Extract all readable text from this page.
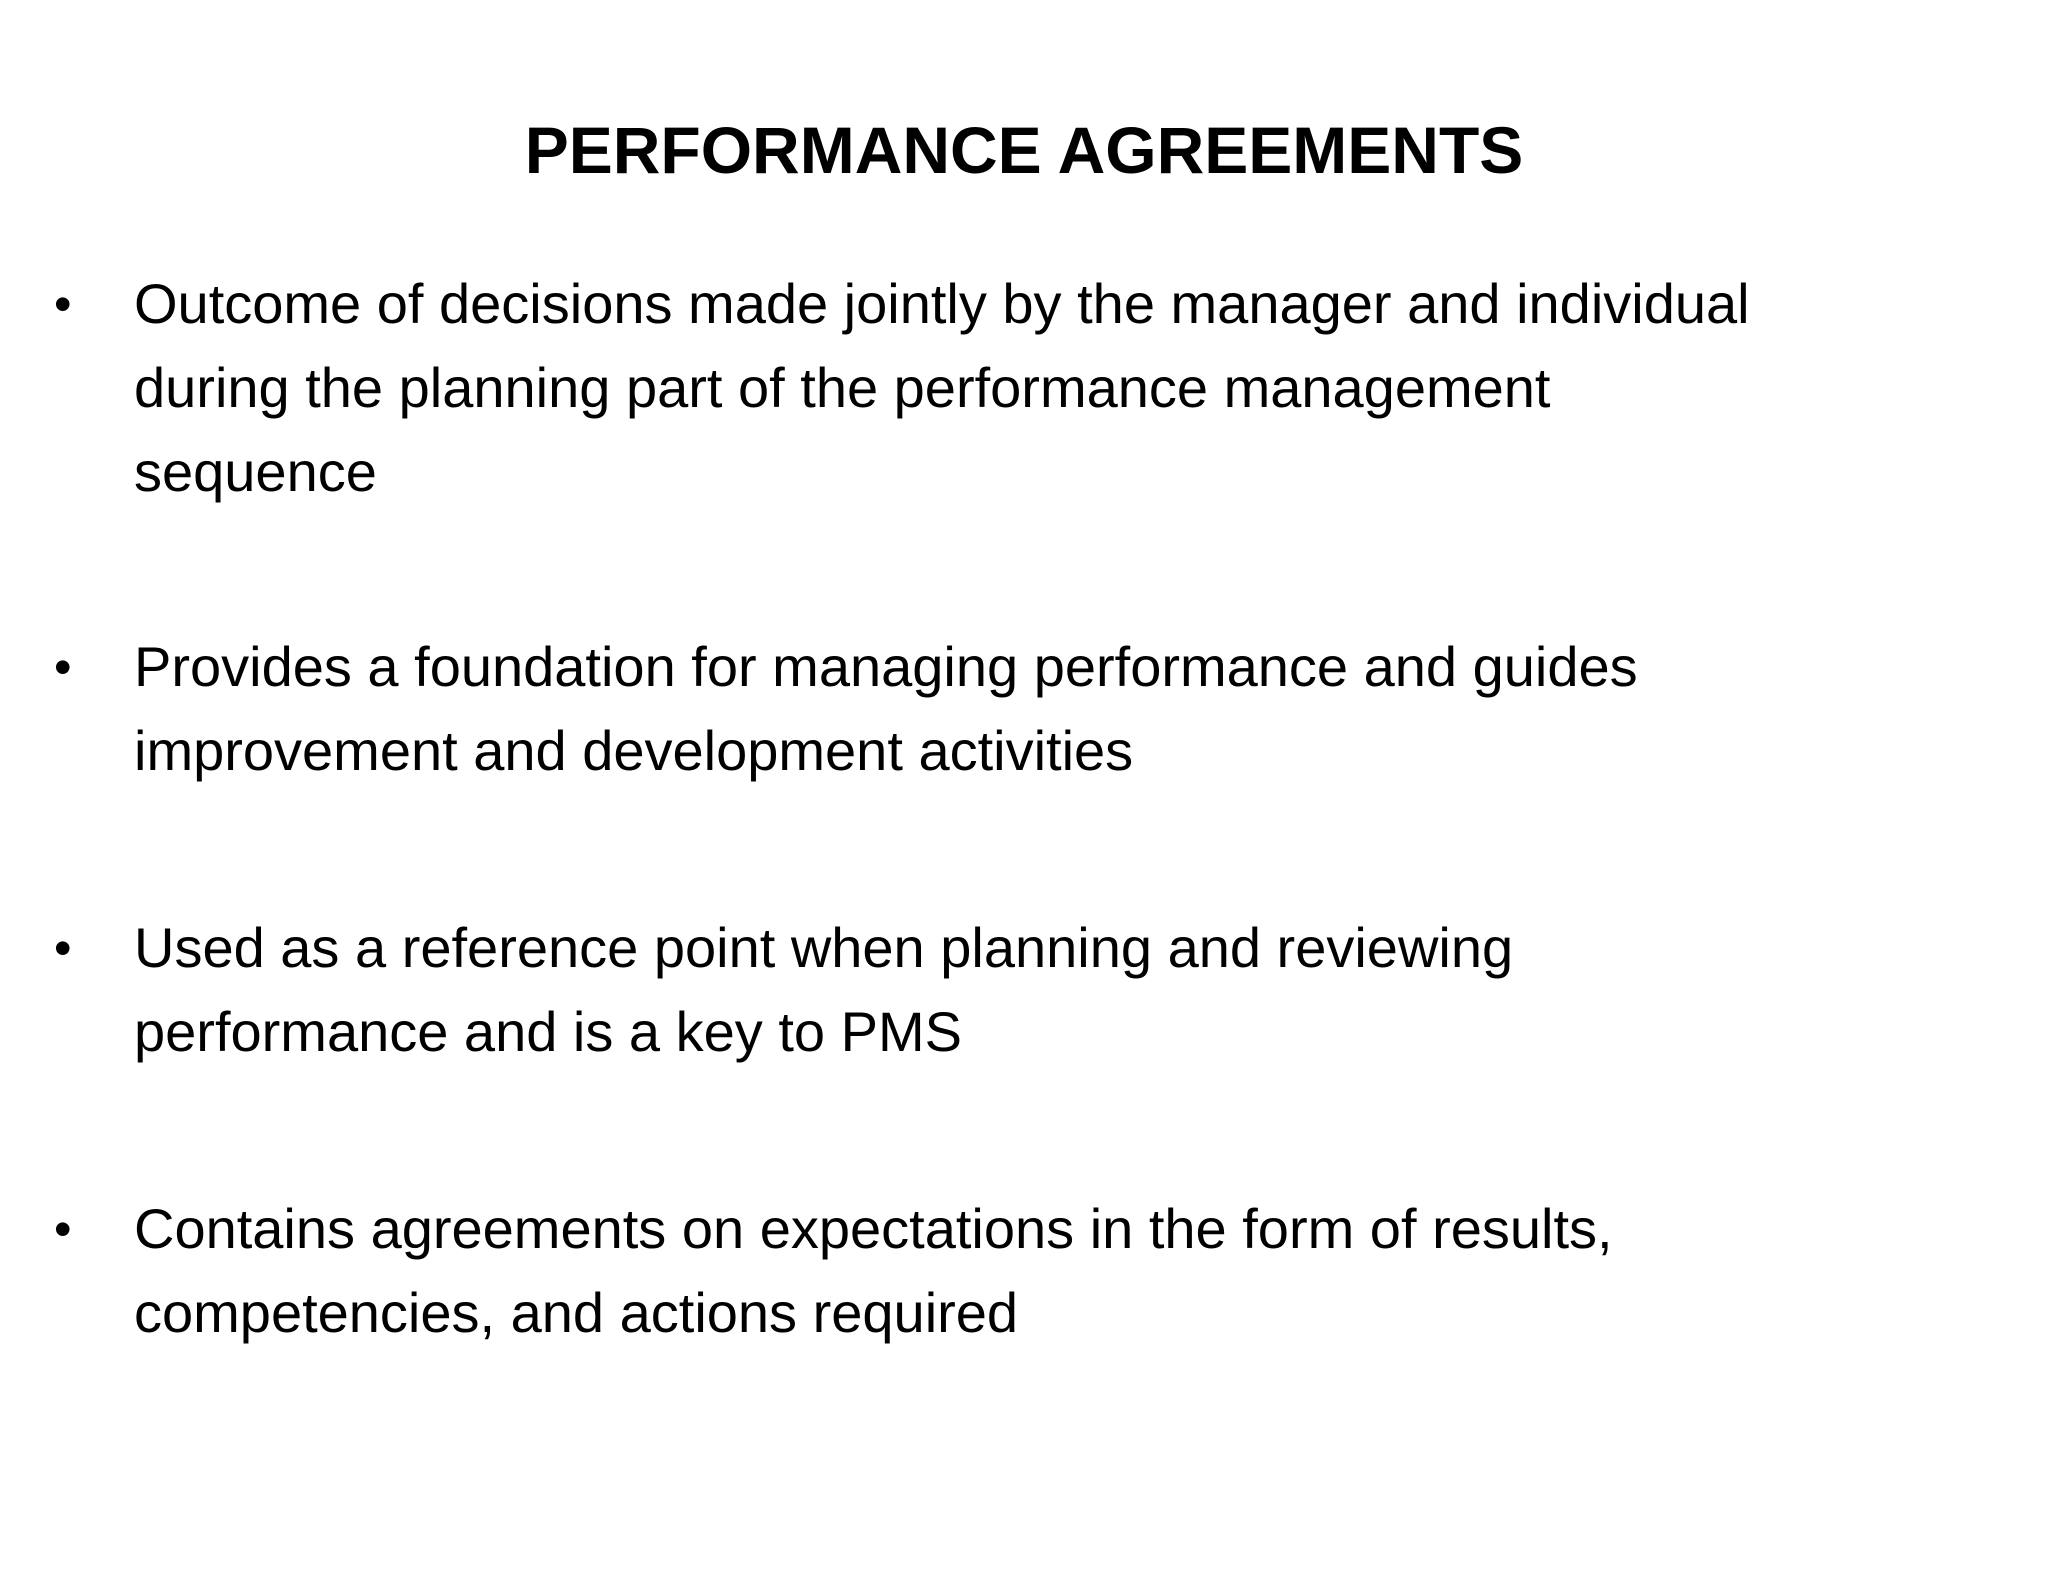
PERFORMANCE AGREEMENTS
• Outcome of decisions made jointly by the manager and individual
during the planning part of the performance management
sequence
• Provides a foundation for managing performance and guides
improvement and development activities
• Used as a reference point when planning and reviewing
performance and is a key to PMS
• Contains agreements on expectations in the form of results,
competencies, and actions required
